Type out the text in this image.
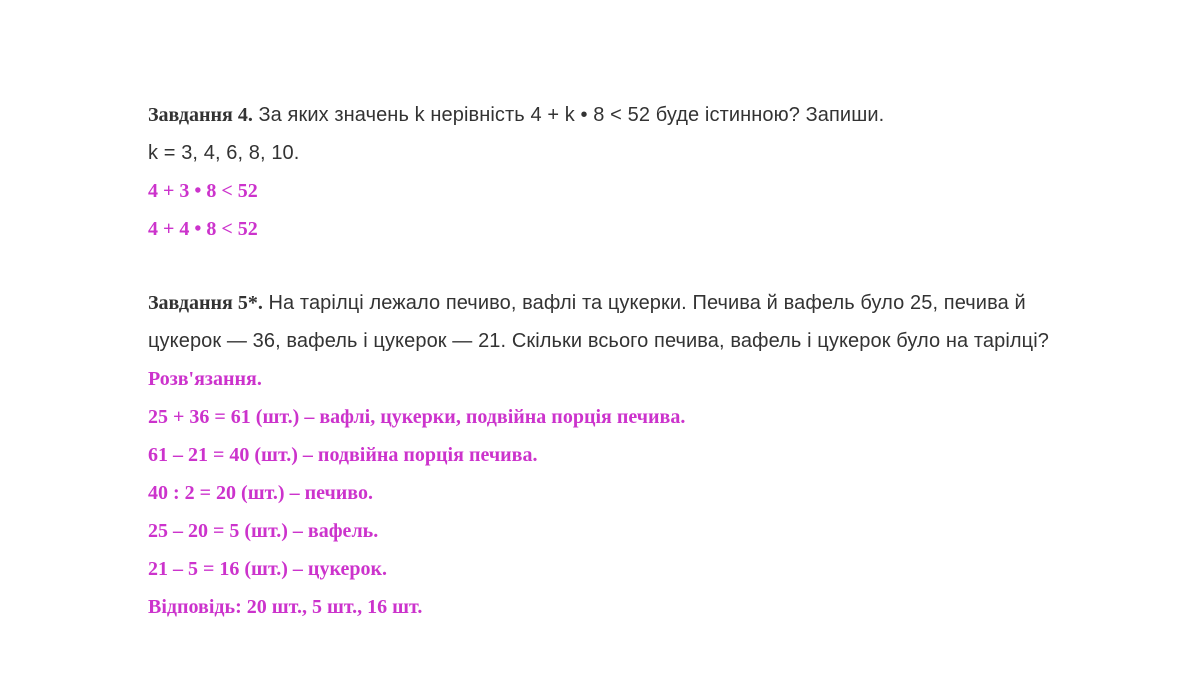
Завдання 4. За яких значень k нерівність 4 + k • 8 < 52 буде істинною? Запиши.
k = 3, 4, 6, 8, 10.
4 + 3 • 8 < 52
4 + 4 • 8 < 52
Завдання 5*. На тарілці лежало печиво, вафлі та цукерки. Печива й вафель було 25, печива й
цукерок — 36, вафель і цукерок — 21. Скільки всього печива, вафель і цукерок було на тарілці?
Розв'язання.
25 + 36 = 61 (шт.) – вафлі, цукерки, подвійна порція печива.
61 – 21 = 40 (шт.) – подвійна порція печива.
40 : 2 = 20 (шт.) – печиво.
25 – 20 = 5 (шт.) – вафель.
21 – 5 = 16 (шт.) – цукерок.
Відповідь: 20 шт., 5 шт., 16 шт.
